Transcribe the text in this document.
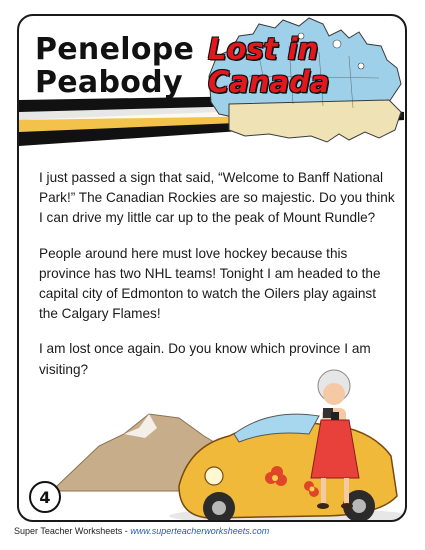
Penelope
Peabody
Lost in
Canada

I just passed a sign that said, “Welcome to Banff National Park!” The Canadian Rockies are so majestic. Do you think I can drive my little car up to the peak of Mount Rundle?

People around here must love hockey because this province has two NHL teams! Tonight I am headed to the capital city of Edmonton to watch the Oilers play against the Calgary Flames!

I am lost once again. Do you know which province I am visiting?

4
Super Teacher Worksheets - www.superteacherworksheets.com
